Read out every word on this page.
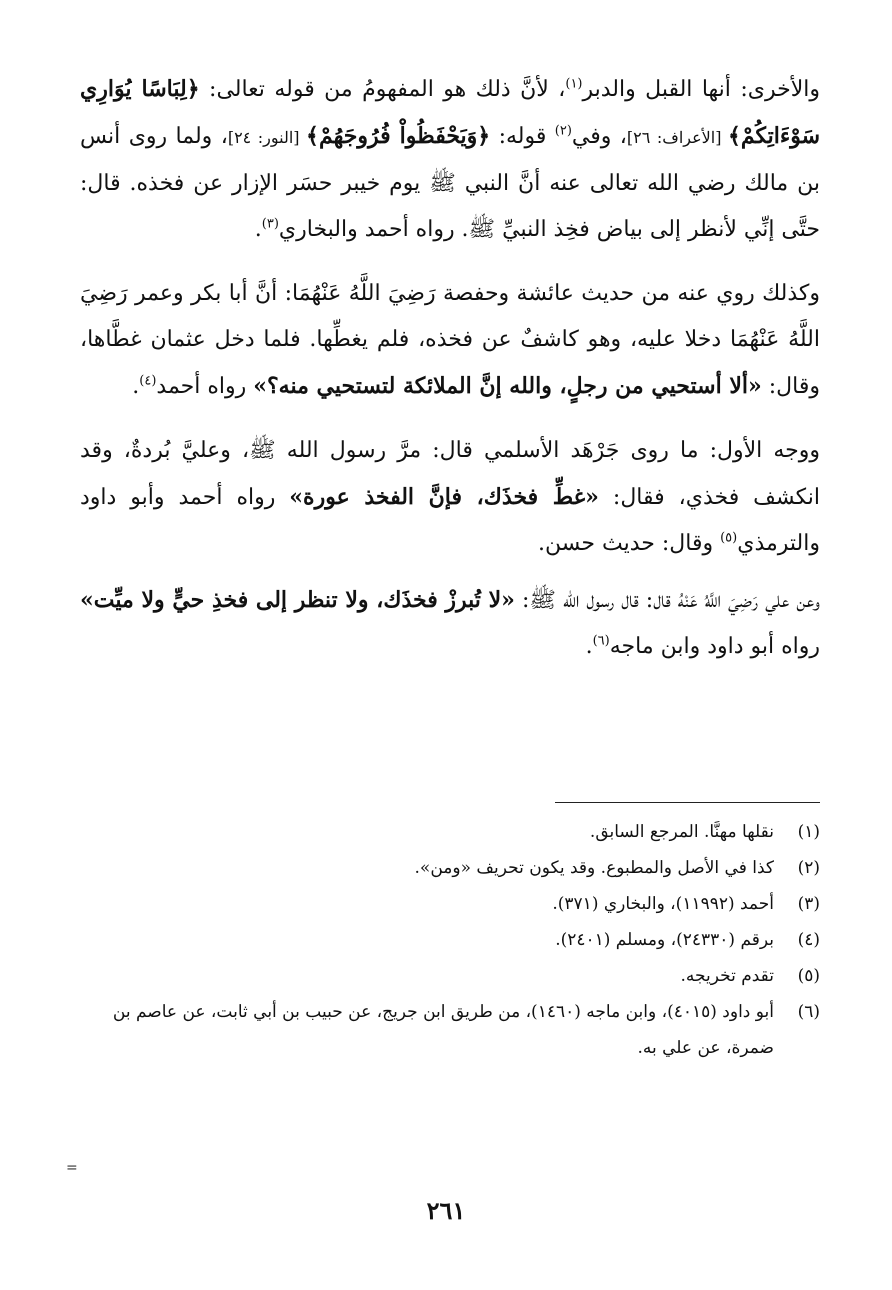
والأخرى: أنها القبل والدبر$^{(١)}$، لأنَّ ذلك هو المفهومُ من قوله تعالى: ﴿لِبَاسًا يُوَارِي سَوْءَاتِكُمْ﴾ [الأعراف: ٢٦]، وفي$^{(٢)}$ قوله: ﴿وَيَحْفَظُواْ فُرُوجَهُمْ﴾ [النور: ٢٤]، ولما روى أنس بن مالك رضي الله تعالى عنه أنَّ النبي ﷺ يوم خيبر حسَر الإزار عن فخذه. قال: حتَّى إنِّي لأنظر إلى بياض فخِذ النبيِّ ﷺ. رواه أحمد والبخاري$^{(٣)}$.

وكذلك روي عنه من حديث عائشة وحفصة رَضِيَ اللَّهُ عَنْهُمَا: أنَّ أبا بكر وعمر رَضِيَ اللَّهُ عَنْهُمَا دخلا عليه، وهو كاشفٌ عن فخذه، فلم يغطِّها. فلما دخل عثمان غطَّاها، وقال: «ألا أستحيي من رجلٍ، والله إنَّ الملائكة لتستحيي منه؟» رواه أحمد$^{(٤)}$.

ووجه الأول: ما روى جَرْهَد الأسلمي قال: مرَّ رسول الله ﷺ، وعليَّ بُردةٌ، وقد انكشف فخذي، فقال: «غطِّ فخذَك، فإنَّ الفخذ عورة» رواه أحمد وأبو داود والترمذي$^{(٥)}$ وقال: حديث حسن.

وعن علي رَضِيَ اللَّهُ عَنْهُ قال: قال رسول الله ﷺ: «لا تُبرزْ فخذَك، ولا تنظر إلى فخذِ حيٍّ ولا ميِّت» رواه أبو داود وابن ماجه$^{(٦)}$.

(١)
نقلها مهنَّا. المرجع السابق.
(٢)
كذا في الأصل والمطبوع. وقد يكون تحريف «ومن».
(٣)
أحمد (١١٩٩٢)، والبخاري (٣٧١).
(٤)
برقم (٢٤٣٣٠)، ومسلم (٢٤٠١).
(٥)
تقدم تخريجه.
(٦)
أبو داود (٤٠١٥)، وابن ماجه (١٤٦٠)، من طريق ابن جريج، عن حبيب بن أبي ثابت، عن عاصم بن ضمرة، عن علي به.
=
٢٦١
